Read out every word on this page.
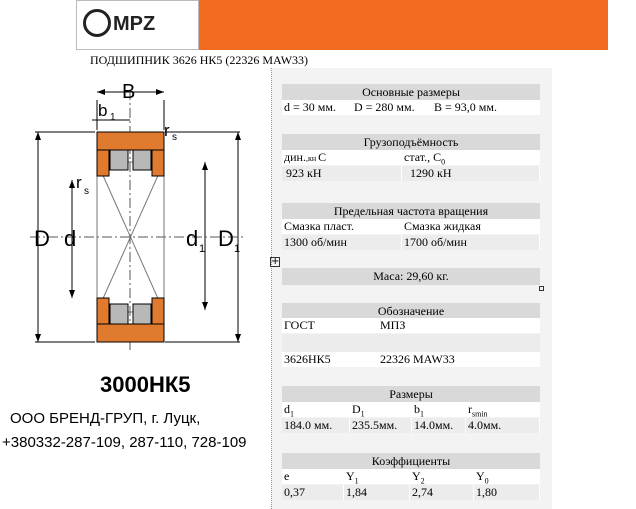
MPZ
ПОДШИПНИК 3626 НК5 (22326 MAW33)
B
b 1
r s
r s
D d	d 1 D 1
3000НК5
ООО БРЕНД-ГРУП, г. Луцк,
+380332-287-109, 287-110, 728-109
Основные размеры
d = 30 мм.	D = 280 мм.	B = 93,0 мм.
Грузоподъёмность
дин.,кн С	стат., $С_0$
923 кН	1290 кН
Предельная частота вращения
Смазка пласт.	Смазка жидкая
1300 об/мин	1700 об/мин
+
Маса: 29,60 кг.
Обозначение
ГОСТ	МПЗ
3626НК5	22326 MAW33
Размеры
$d_1$	$D_1$	$b_1$	$r_{smin}$
184.0 мм.	235.5мм.	14.0мм.	4.0мм.
Коэффициенты
e	$Y_1$	$Y_2$	$Y_0$
0,37	1,84	2,74	1,80
